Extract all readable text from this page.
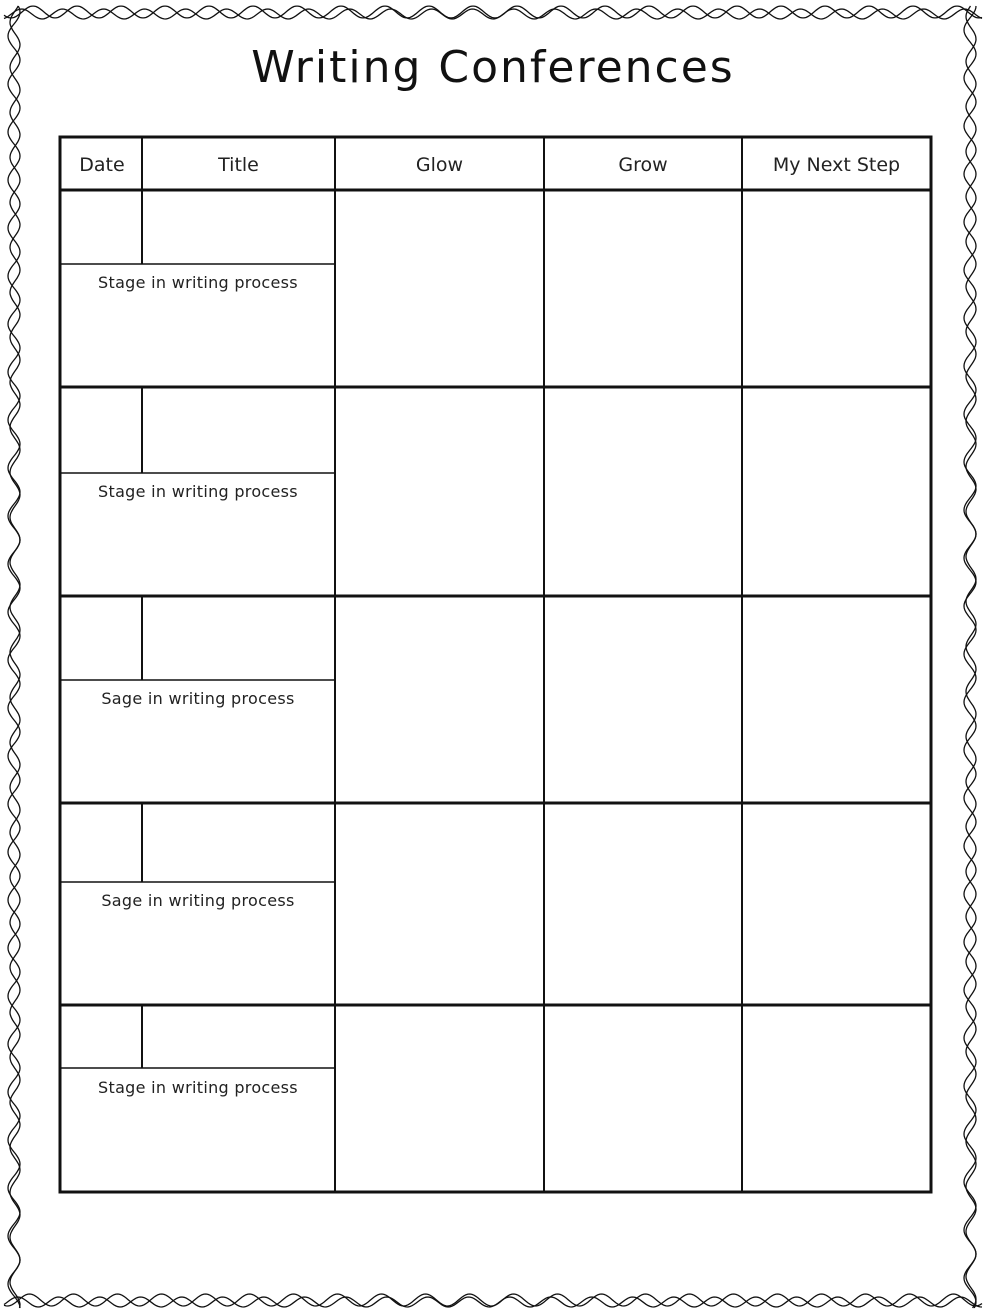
Writing Conferences
Date	Title	Glow	Grow	My Next Step
Stage in writing process
Stage in writing process
Sage in writing process
Sage in writing process
Stage in writing process
